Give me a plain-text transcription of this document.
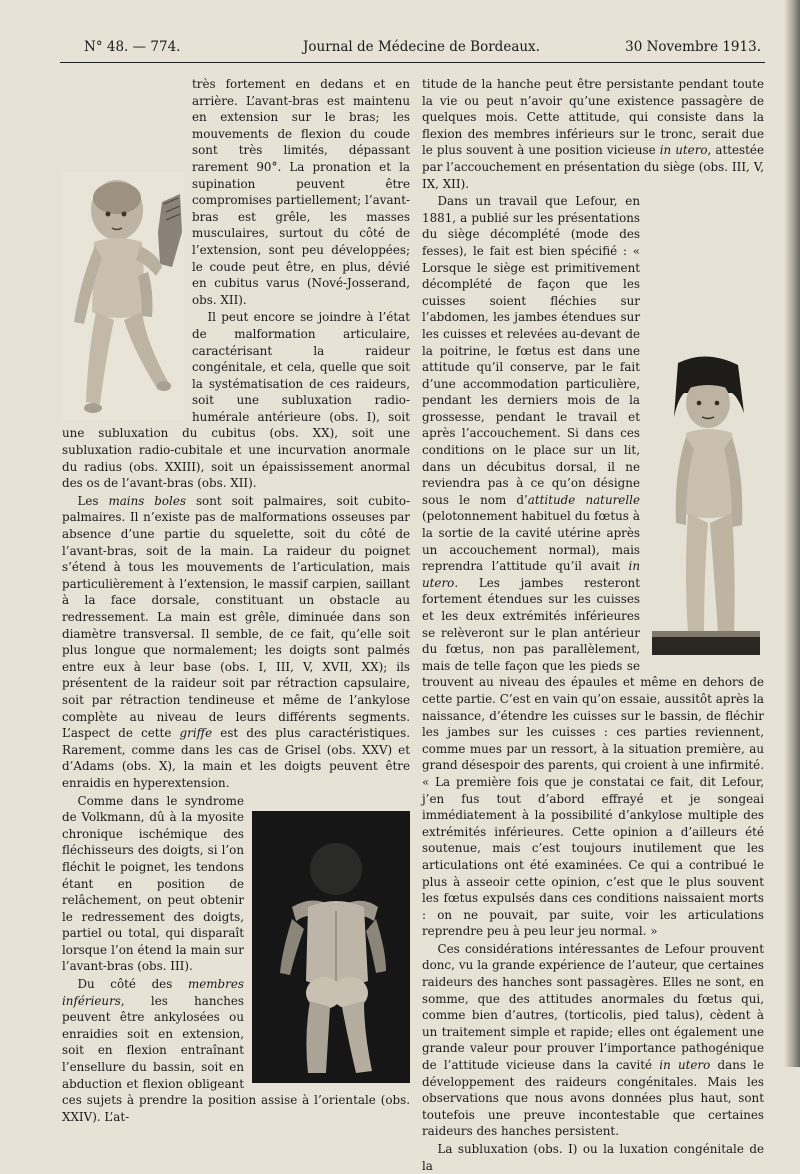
N° 48. — 774.	Journal de Médecine de Bordeaux.	30 Novembre 1913.

très fortement en dedans et en arrière. L’avant-bras est maintenu en extension sur le bras; les mouvements de flexion du coude sont très limités, dépassant rarement 90°. La pronation et la supination peuvent être compromises partiellement; l’avant-bras est grêle, les masses musculaires, surtout du côté de l’extension, sont peu développées; le coude peut être, en plus, dévié en cubitus varus (Nové-Josserand, obs. XII).

Il peut encore se joindre à l’état de malformation articulaire, caractérisant la raideur congénitale, et cela, quelle que soit la systématisation de ces raideurs, soit une subluxation radio-humérale antérieure (obs. I), soit une subluxation du cubitus (obs. XX), soit une subluxation radio-cubitale et une incurvation anormale du radius (obs. XXIII), soit un épaississement anormal des os de l’avant-bras (obs. XII).

Les mains boles sont soit palmaires, soit cubito-palmaires. Il n’existe pas de malformations osseuses par absence d’une partie du squelette, soit du côté de l’avant-bras, soit de la main. La raideur du poignet s’étend à tous les mouvements de l’articulation, mais particulièrement à l’extension, le massif carpien, saillant à la face dorsale, constituant un obstacle au redressement. La main est grêle, diminuée dans son diamètre transversal. Il semble, de ce fait, qu’elle soit plus longue que normalement; les doigts sont palmés entre eux à leur base (obs. I, III, V, XVII, XX); ils présentent de la raideur soit par rétraction capsulaire, soit par rétraction tendineuse et même de l’ankylose complète au niveau de leurs différents segments. L’aspect de cette griffe est des plus caractéristiques. Rarement, comme dans les cas de Grisel (obs. XXV) et d’Adams (obs. X), la main et les doigts peuvent être enraidis en hyperextension.

Comme dans le syndrome de Volkmann, dû à la myosite chronique ischémique des fléchisseurs des doigts, si l’on fléchit le poignet, les tendons étant en position de relâchement, on peut obtenir le redressement des doigts, partiel ou total, qui disparaît lorsque l’on étend la main sur l’avant-bras (obs. III).

Du côté des membres inférieurs, les hanches peuvent être ankylosées ou enraidies soit en extension, soit en flexion entraînant l’ensellure du bassin, soit en abduction et flexion obligeant ces sujets à prendre la position assise à l’orientale (obs. XXIV). L’at-

titude de la hanche peut être persistante pendant toute la vie ou peut n’avoir qu’une existence passagère de quelques mois. Cette attitude, qui consiste dans la flexion des membres inférieurs sur le tronc, serait due le plus souvent à une position vicieuse in utero, attestée par l’accouchement en présentation du siège (obs. III, V, IX, XII).

Dans un travail que Lefour, en 1881, a publié sur les présentations du siège décomplété (mode des fesses), le fait est bien spécifié : « Lorsque le siège est primitivement décomplété de façon que les cuisses soient fléchies sur l’abdomen, les jambes étendues sur les cuisses et relevées au-devant de la poitrine, le fœtus est dans une attitude qu’il conserve, par le fait d’une accommodation particulière, pendant les derniers mois de la grossesse, pendant le travail et après l’accouchement. Si dans ces conditions on le place sur un lit, dans un décubitus dorsal, il ne reviendra pas à ce qu’on désigne sous le nom d’attitude naturelle (pelotonnement habituel du fœtus à la sortie de la cavité utérine après un accouchement normal), mais reprendra l’attitude qu’il avait in utero. Les jambes resteront fortement étendues sur les cuisses et les deux extrémités inférieures se relèveront sur le plan antérieur du fœtus, non pas parallèlement, mais de telle façon que les pieds se trouvent au niveau des épaules et même en dehors de cette partie. C’est en vain qu’on essaie, aussitôt après la naissance, d’étendre les cuisses sur le bassin, de fléchir les jambes sur les cuisses : ces parties reviennent, comme mues par un ressort, à la situation première, au grand désespoir des parents, qui croient à une infirmité. « La première fois que je constatai ce fait, dit Lefour, j’en fus tout d’abord effrayé et je songeai immédiatement à la possibilité d’ankylose multiple des extrémités inférieures. Cette opinion a d’ailleurs été soutenue, mais c’est toujours inutilement que les articulations ont été examinées. Ce qui a contribué le plus à asseoir cette opinion, c’est que le plus souvent les fœtus expulsés dans ces conditions naissaient morts : on ne pouvait, par suite, voir les articulations reprendre peu à peu leur jeu normal. »

Ces considérations intéressantes de Lefour prouvent donc, vu la grande expérience de l’auteur, que certaines raideurs des hanches sont passagères. Elles ne sont, en somme, que des attitudes anormales du fœtus qui, comme bien d’autres, (torticolis, pied talus), cèdent à un traitement simple et rapide; elles ont également une grande valeur pour prouver l’importance pathogénique de l’attitude vicieuse dans la cavité in utero dans le développement des raideurs congénitales. Mais les observations que nous avons données plus haut, sont toutefois une preuve incontestable que certaines raideurs des hanches persistent.

La subluxation (obs. I) ou la luxation congénitale de la
